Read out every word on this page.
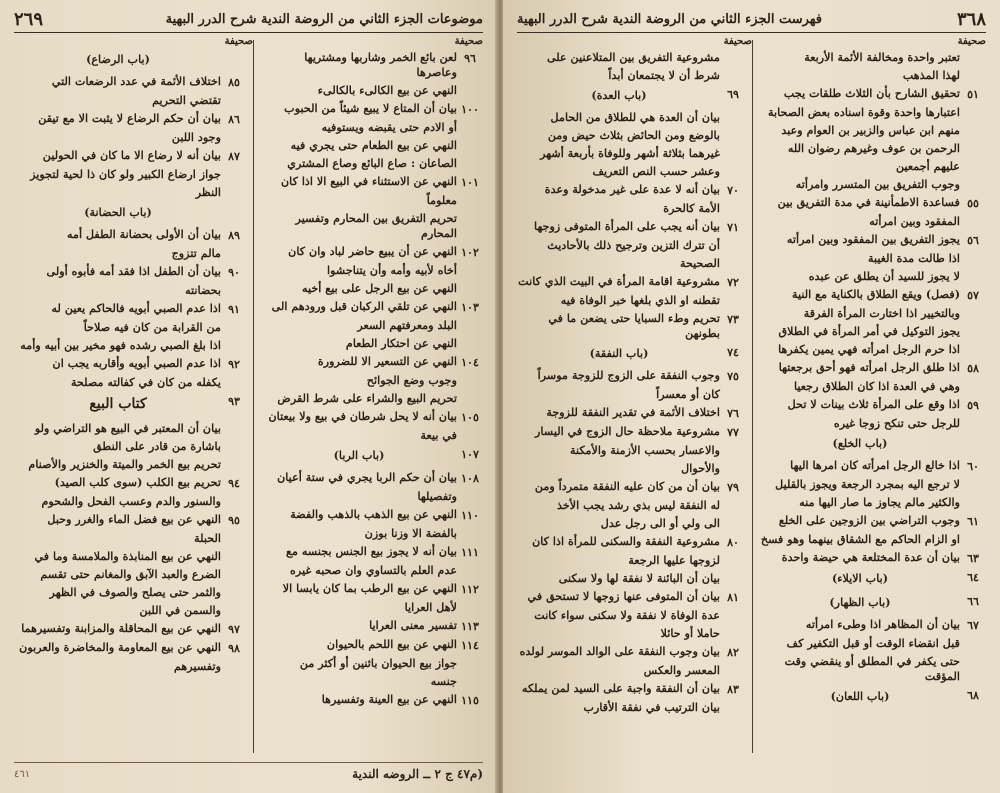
موضوعات الجزء الثاني من الروضة الندية شرح الدرر البهية
٢٦٩
صحيفة
صحيفة
٩٦
لعن بائع الخمر وشاربها ومشتريها وعاصرها
النهي عن بيع الكالىء بالكالىء
١٠٠
بيان أن المتاع لا يبيع شيئاً من الحبوب
أو الادم حتى يقبضه ويستوفيه
النهي عن بيع الطعام حتى يجري فيه
الصاعان : صاع البائع وصاع المشتري
١٠١
النهي عن الاستثناء في البيع الا اذا كان
معلوماً
تحريم التفريق بين المحارم وتفسير المحارم
١٠٢
النهي عن أن يبيع حاضر لباد وان كان
أخاه لأبيه وأمه وأن يتناجشوا
النهي عن بيع الرجل على بيع أخيه
١٠٣
النهي عن تلقي الركبان قبل ورودهم الى
البلد ومعرفتهم السعر
النهي عن احتكار الطعام
١٠٤
النهي عن التسعير الا للضرورة
وجوب وضع الجوائح
تحريم البيع والشراء على شرط القرض
١٠٥
بيان أنه لا يحل شرطان في بيع ولا بيعتان
في بيعة
١٠٧
(باب الربا)
١٠٨
بيان أن حكم الربا يجري في ستة أعيان
وتفصيلها
١١٠
النهي عن بيع الذهب بالذهب والفضة
بالفضة الا وزنا بوزن
١١١
بيان أنه لا يجوز بيع الجنس بجنسه مع
عدم العلم بالتساوي وان صحبه غيره
١١٢
النهي عن بيع الرطب بما كان يابسا الا
لأهل العرايا
١١٣
تفسير معنى العرايا
١١٤
النهي عن بيع اللحم بالحيوان
جواز بيع الحيوان باثنين أو أكثر من
جنسه
١١٥
النهي عن بيع العينة وتفسيرها
(باب الرضاع)
٨٥
اختلاف الأئمة في عدد الرضعات التي
تقتضي التحريم
٨٦
بيان أن حكم الرضاع لا يثبت الا مع تيقن
وجود اللبن
٨٧
بيان أنه لا رضاع الا ما كان في الحولين
جواز ارضاع الكبير ولو كان ذا لحية لتجويز
النظر
(باب الحضانة)
٨٩
بيان أن الأولى بحضانة الطفل أمه
مالم تتزوج
٩٠
بيان أن الطفل اذا فقد أمه فأبوه أولى
بحضانته
٩١
اذا عدم الصبي أبويه فالحاكم يعين له
من القرابة من كان فيه صلاحاً
اذا بلغ الصبي رشده فهو مخير بين أبيه وأمه
٩٢
اذا عدم الصبي أبويه وأقاربه يجب ان
يكفله من كان في كفالته مصلحة
٩٣
كتاب البيع
بيان أن المعتبر في البيع هو التراضي ولو
باشارة من قادر على النطق
تحريم بيع الخمر والميتة والخنزير والأصنام
٩٤
تحريم بيع الكلب (سوى كلب الصيد)
والسنور والدم وعسب الفحل والشحوم
٩٥
النهي عن بيع فضل الماء والغرر وحبل
الحبلة
النهي عن بيع المنابذة والملامسة وما في
الضرع والعبد الآبق والمغانم حتى تقسم
والثمر حتى يصلح والصوف في الظهر
والسمن في اللبن
٩٧
النهي عن بيع المحاقلة والمزابنة وتفسيرهما
٩٨
النهي عن بيع المعاومة والمخاضرة والعربون
وتفسيرهم
(م٤٧ ج ٢ ــ الروضه الندية
٤٦١
٣٦٨
فهرست الجزء الثاني من الروضة الندية شرح الدرر البهية
صحيفة
صحيفة
تعتبر واحدة ومخالفة الأئمة الأربعة
لهذا المذهب
٥١
تحقيق الشارح بأن الثلاث طلقات يجب
اعتبارها واحدة وقوة اسناده بعض الصحابة
منهم ابن عباس والزبير بن العوام وعبد
الرحمن بن عوف وغيرهم رضوان الله
عليهم أجمعين
وجوب التفريق بين المتسرر وامرأته
٥٥
فساعدة الاطمأنينة في مدة التفريق بين
المفقود وبين امرأته
٥٦
يجوز التفريق بين المفقود وبين امرأته
اذا طالت مدة الغيبة
لا يجوز للسيد أن يطلق عن عبده
٥٧
(فصل) ويقع الطلاق بالكناية مع النية
وبالتخيير اذا اختارت المرأة الفرقة
يجوز التوكيل في أمر المرأة في الطلاق
اذا حرم الرجل امرأته فهي يمين يكفرها
٥٨
اذا طلق الرجل امرأته فهو أحق برجعتها
وهي في العدة اذا كان الطلاق رجعيا
٥٩
اذا وقع على المرأة ثلاث بينات لا تحل
للرجل حتى تنكح زوجا غيره
(باب الخلع)
٦٠
اذا خالع الرجل امرأته كان امرها اليها
لا ترجع اليه بمجرد الرجعة ويجوز بالقليل
والكثير مالم يجاوز ما صار اليها منه
٦١
وجوب التراضي بين الزوجين على الخلع
او الزام الحاكم مع الشقاق بينهما وهو فسخ
٦٣
بيان أن عدة المختلعة هي حيضة واحدة
٦٤
(باب الايلاء)
٦٦
(باب الظهار)
٦٧
بيان أن المظاهر اذا وطىء امرأته
قبل انقضاء الوقت أو قبل التكفير كف
حتى يكفر في المطلق أو ينقضي وقت المؤقت
٦٨
(باب اللعان)
مشروعية التفريق بين المتلاعنين على
شرط أن لا يجتمعان أبداً
٦٩
(باب العدة)
بيان أن العدة هي للطلاق من الحامل
بالوضع ومن الحائض بثلاث حيض ومن
غيرهما بثلاثة أشهر وللوفاة بأربعة أشهر
وعشر حسب النص التعريف
٧٠
بيان أنه لا عدة على غير مدخولة وعدة
الأمة كالحرة
٧١
بيان أنه يجب على المرأة المتوفى زوجها
أن تترك التزين وترجيح ذلك بالأحاديث
الصحيحة
٧٢
مشروعية اقامة المرأة في البيت الذي كانت
تقطنه او الذي بلغها خبر الوفاة فيه
٧٣
تحريم وطء السبايا حتى يضعن ما في بطونهن
٧٤
(باب النفقة)
٧٥
وجوب النفقة على الزوج للزوجة موسراً
كان أو معسراً
٧٦
اختلاف الأئمة في تقدير النفقة للزوجة
٧٧
مشروعية ملاحظة حال الزوج في اليسار
والاعسار بحسب الأزمنة والأمكنة
والأحوال
٧٩
بيان أن من كان عليه النفقة متمرداً ومن
له النفقة ليس بذي رشد يجب الأخذ
الى ولي أو الى رجل عدل
٨٠
مشروعية النفقة والسكنى للمرأة اذا كان
لزوجها عليها الرجعة
بيان أن البائنة لا نفقة لها ولا سكنى
٨١
بيان أن المتوفى عنها زوجها لا تستحق في
عدة الوفاة لا نفقة ولا سكنى سواء كانت
حاملا أو حائلا
٨٢
بيان وجوب النفقة على الوالد الموسر لولده
المعسر والعكس
٨٣
بيان أن النفقة واجبة على السيد لمن يملكه
بيان الترتيب في نفقة الأقارب
